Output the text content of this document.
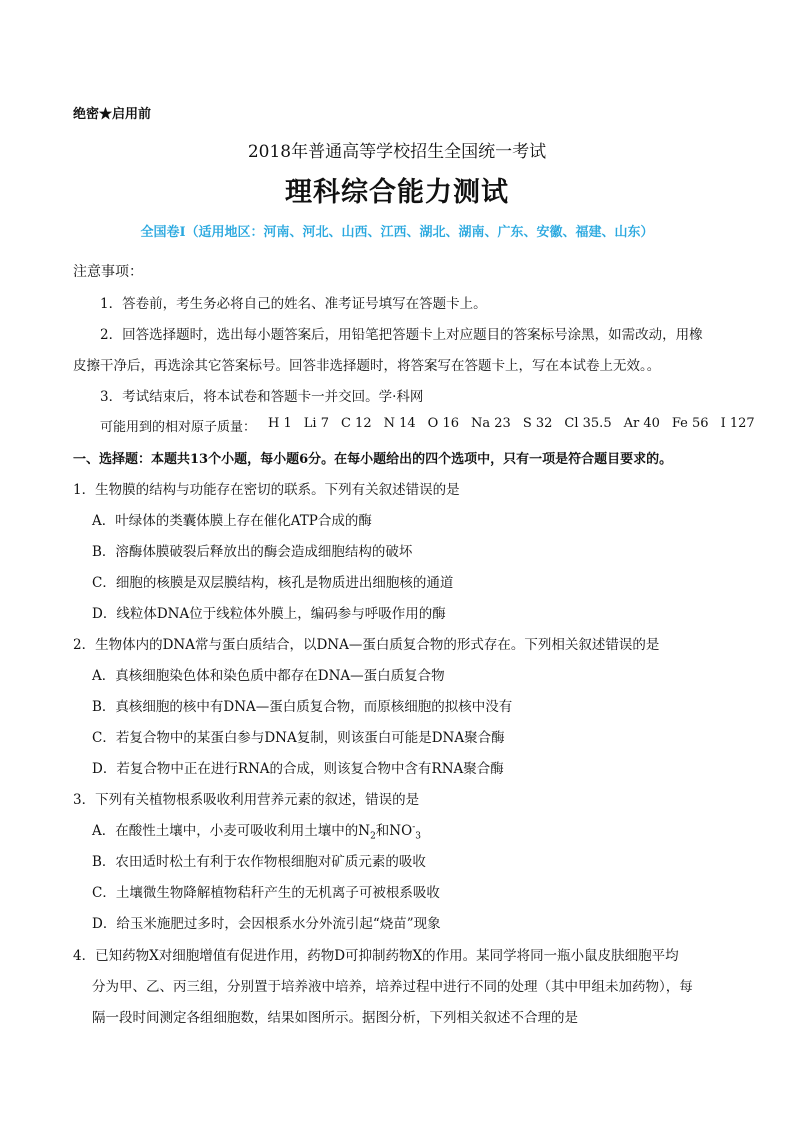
绝密★启用前
2018年普通高等学校招生全国统一考试
理科综合能力测试
全国卷Ⅰ（适用地区：河南、河北、山西、江西、湖北、湖南、广东、安徽、福建、山东）
注意事项：
1．答卷前，考生务必将自己的姓名、准考证号填写在答题卡上。
2．回答选择题时，选出每小题答案后，用铅笔把答题卡上对应题目的答案标号涂黑，如需改动，用橡
皮擦干净后，再选涂其它答案标号。回答非选择题时，将答案写在答题卡上，写在本试卷上无效。。
3．考试结束后，将本试卷和答题卡一并交回。学·科网
可能用到的相对原子质量： H 1 Li 7 C 12 N 14 O 16 Na 23 S 32 Cl 35.5 Ar 40 Fe 56 I 127
一、选择题：本题共13个小题，每小题6分。在每小题给出的四个选项中，只有一项是符合题目要求的。
1．生物膜的结构与功能存在密切的联系。下列有关叙述错误的是
A．叶绿体的类囊体膜上存在催化ATP合成的酶
B．溶酶体膜破裂后释放出的酶会造成细胞结构的破坏
C．细胞的核膜是双层膜结构，核孔是物质进出细胞核的通道
D．线粒体DNA位于线粒体外膜上，编码参与呼吸作用的酶
2．生物体内的DNA常与蛋白质结合，以DNA—蛋白质复合物的形式存在。下列相关叙述错误的是
A．真核细胞染色体和染色质中都存在DNA—蛋白质复合物
B．真核细胞的核中有DNA—蛋白质复合物，而原核细胞的拟核中没有
C．若复合物中的某蛋白参与DNA复制，则该蛋白可能是DNA聚合酶
D．若复合物中正在进行RNA的合成，则该复合物中含有RNA聚合酶
3．下列有关植物根系吸收利用营养元素的叙述，错误的是
A．在酸性土壤中，小麦可吸收利用土壤中的$N_2$和$NO^-_3$
B．农田适时松土有利于农作物根细胞对矿质元素的吸收
C．土壤微生物降解植物秸秆产生的无机离子可被根系吸收
D．给玉米施肥过多时，会因根系水分外流引起“烧苗”现象
4．已知药物X对细胞增值有促进作用，药物D可抑制药物X的作用。某同学将同一瓶小鼠皮肤细胞平均
分为甲、乙、丙三组，分别置于培养液中培养，培养过程中进行不同的处理（其中甲组未加药物），每
隔一段时间测定各组细胞数，结果如图所示。据图分析，下列相关叙述不合理的是
